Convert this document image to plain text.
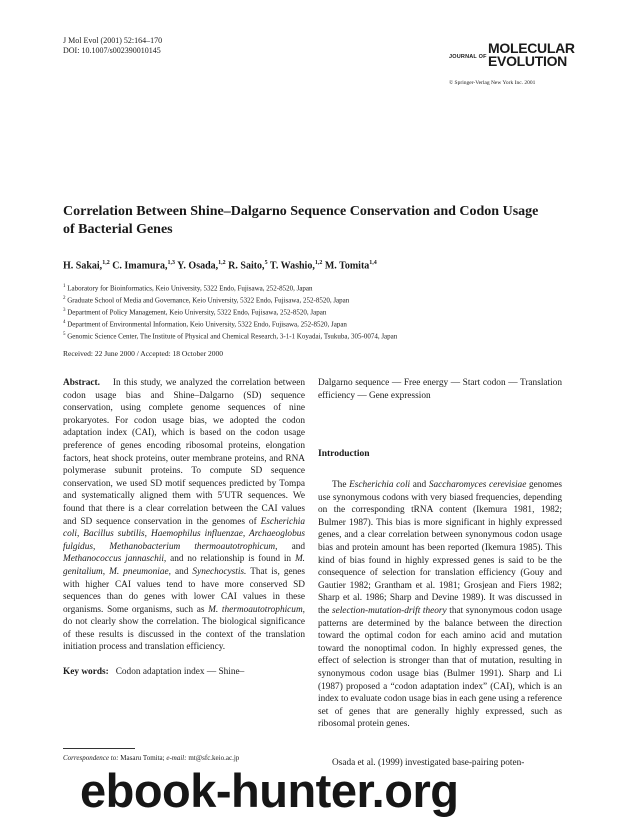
J Mol Evol (2001) 52:164–170
DOI: 10.1007/s002390010145
JOURNAL OF
MOLECULAR
EVOLUTION
© Springer-Verlag New York Inc. 2001
Correlation Between Shine–Dalgarno Sequence Conservation and Codon Usage of Bacterial Genes
H. Sakai,$^{1,2}$ C. Imamura,$^{1,3}$ Y. Osada,$^{1,2}$ R. Saito,$^5$ T. Washio,$^{1,2}$ M. Tomita$^{1,4}$
$^1$ Laboratory for Bioinformatics, Keio University, 5322 Endo, Fujisawa, 252-8520, Japan
$^2$ Graduate School of Media and Governance, Keio University, 5322 Endo, Fujisawa, 252-8520, Japan
$^3$ Department of Policy Management, Keio University, 5322 Endo, Fujisawa, 252-8520, Japan
$^4$ Department of Environmental Information, Keio University, 5322 Endo, Fujisawa, 252-8520, Japan
$^5$ Genomic Science Center, The Institute of Physical and Chemical Research, 3-1-1 Koyadai, Tsukuba, 305-0074, Japan
Received: 22 June 2000 / Accepted: 18 October 2000

Abstract. In this study, we analyzed the correlation between codon usage bias and Shine–Dalgarno (SD) sequence conservation, using complete genome sequences of nine prokaryotes. For codon usage bias, we adopted the codon adaptation index (CAI), which is based on the codon usage preference of genes encoding ribosomal proteins, elongation factors, heat shock proteins, outer membrane proteins, and RNA polymerase subunit proteins. To compute SD sequence conservation, we used SD motif sequences predicted by Tompa and systematically aligned them with 5′UTR sequences. We found that there is a clear correlation between the CAI values and SD sequence conservation in the genomes of Escherichia coli, Bacillus subtilis, Haemophilus influenzae, Archaeoglobus fulgidus, Methanobacterium thermoautotrophicum, and Methanococcus jannaschii, and no relationship is found in M. genitalium, M. pneumoniae, and Synechocystis. That is, genes with higher CAI values tend to have more conserved SD sequences than do genes with lower CAI values in these organisms. Some organisms, such as M. thermoautotrophicum, do not clearly show the correlation. The biological significance of these results is discussed in the context of the translation initiation process and translation efficiency.

Key words: Codon adaptation index — Shine–

Dalgarno sequence — Free energy — Start codon — Translation efficiency — Gene expression
Introduction

The Escherichia coli and Saccharomyces cerevisiae genomes use synonymous codons with very biased frequencies, depending on the corresponding tRNA content (Ikemura 1981, 1982; Bulmer 1987). This bias is more significant in highly expressed genes, and a clear correlation between synonymous codon usage bias and protein amount has been reported (Ikemura 1985). This kind of bias found in highly expressed genes is said to be the consequence of selection for translation efficiency (Gouy and Gautier 1982; Grantham et al. 1981; Grosjean and Fiers 1982; Sharp et al. 1986; Sharp and Devine 1989). It was discussed in the selection-mutation-drift theory that synonymous codon usage patterns are determined by the balance between the direction toward the optimal codon for each amino acid and mutation toward the nonoptimal codon. In highly expressed genes, the effect of selection is stronger than that of mutation, resulting in synonymous codon usage bias (Bulmer 1991). Sharp and Li (1987) proposed a “codon adaptation index” (CAI), which is an index to evaluate codon usage bias in each gene using a reference set of genes that are generally highly expressed, such as ribosomal protein genes.

Osada et al. (1999) investigated base-pairing poten-

Correspondence to: Masaru Tomita; e-mail: mt@sfc.keio.ac.jp
ebook-hunter.org
